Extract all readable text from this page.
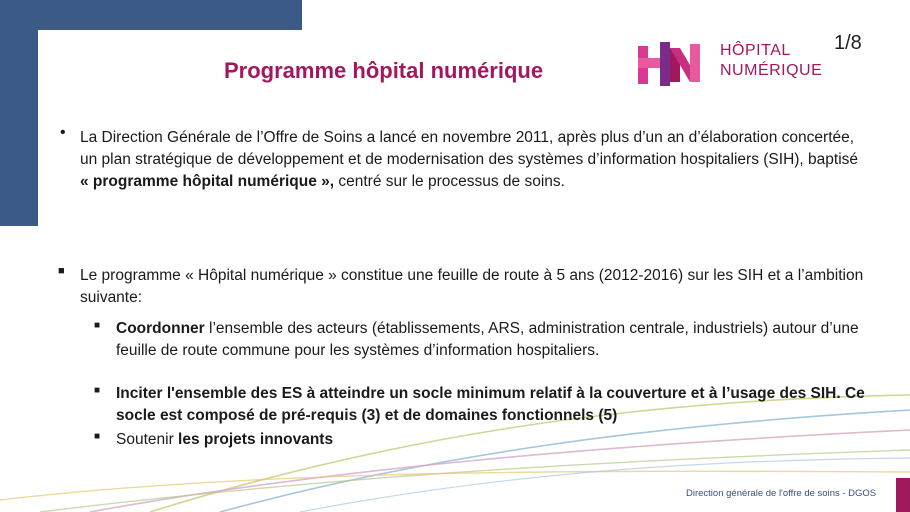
HÔPITAL
NUMÉRIQUE
1/8
Programme hôpital numérique
• La Direction Générale de l’Offre de Soins a lancé en novembre 2011, après plus d’un an d’élaboration concertée, un plan stratégique de développement et de modernisation des systèmes d’information hospitaliers (SIH), baptisé « programme hôpital numérique », centré sur le processus de soins.
■ Le programme « Hôpital numérique » constitue une feuille de route à 5 ans (2012-2016) sur les SIH et a l’ambition suivante:
■ Coordonner l’ensemble des acteurs (établissements, ARS, administration centrale, industriels) autour d’une feuille de route commune pour les systèmes d’information hospitaliers.
■ Inciter l'ensemble des ES à atteindre un socle minimum relatif à la couverture et à l’usage des SIH. Ce socle est composé de pré-requis (3) et de domaines fonctionnels (5)
■ Soutenir les projets innovants
Direction générale de l'offre de soins - DGOS
